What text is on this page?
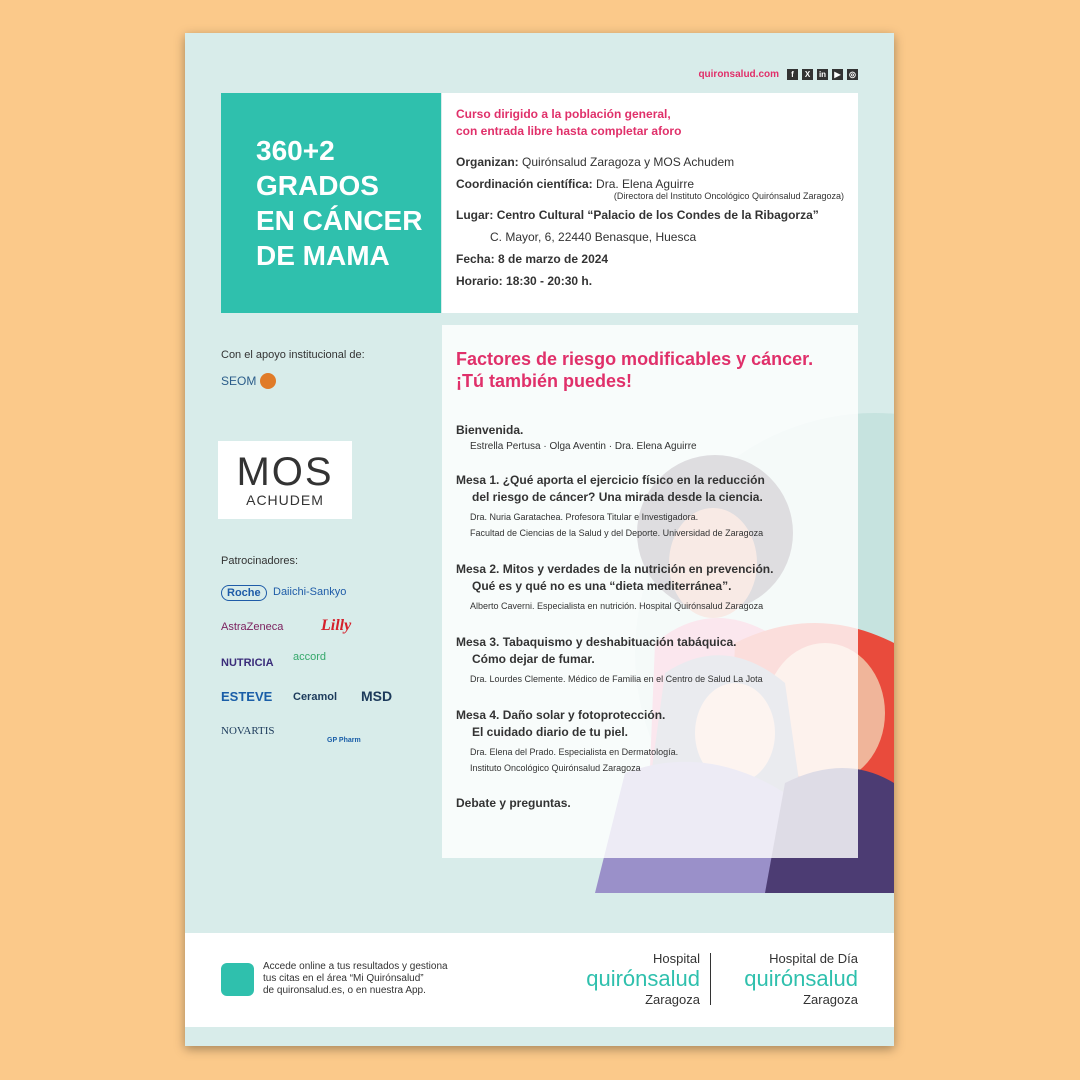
quironsalud.com	f	X	in	▶	◎
360+2
GRADOS
EN CÁNCER
DE MAMA
Curso dirigido a la población general,
con entrada libre hasta completar aforo

Organizan: Quirónsalud Zaragoza y MOS Achudem

Coordinación científica: Dra. Elena Aguirre

(Directora del Instituto Oncológico Quirónsalud Zaragoza)

Lugar: Centro Cultural “Palacio de los Condes de la Ribagorza”

C. Mayor, 6, 22440 Benasque, Huesca

Fecha: 8 de marzo de 2024

Horario: 18:30 - 20:30 h.

Factores de riesgo modificables y cáncer.
¡Tú también puedes!
Bienvenida.
Estrella Pertusa · Olga Aventin · Dra. Elena Aguirre
Mesa 1. ¿Qué aporta el ejercicio físico en la reducción
del riesgo de cáncer? Una mirada desde la ciencia.
Dra. Nuria Garatachea. Profesora Titular e Investigadora.
Facultad de Ciencias de la Salud y del Deporte. Universidad de Zaragoza
Mesa 2. Mitos y verdades de la nutrición en prevención.
Qué es y qué no es una “dieta mediterránea”.
Alberto Caverni. Especialista en nutrición. Hospital Quirónsalud Zaragoza
Mesa 3. Tabaquismo y deshabituación tabáquica.
Cómo dejar de fumar.
Dra. Lourdes Clemente. Médico de Familia en el Centro de Salud La Jota
Mesa 4. Daño solar y fotoprotección.
El cuidado diario de tu piel.
Dra. Elena del Prado. Especialista en Dermatología.
Instituto Oncológico Quirónsalud Zaragoza
Debate y preguntas.
Con el apoyo institucional de:
SEOM
MOS
ACHUDEM
Patrocinadores:
Roche	Daiichi-Sankyo
AstraZeneca Lilly
NUTRICIA accord
ESTEVE Ceramol MSD
NOVARTIS
GP Pharm
Accede online a tus resultados y gestiona
tus citas en el área “Mi Quirónsalud”
de quironsalud.es, o en nuestra App.
Hospital
quirónsalud
Zaragoza
Hospital de Día
quirónsalud
Zaragoza
